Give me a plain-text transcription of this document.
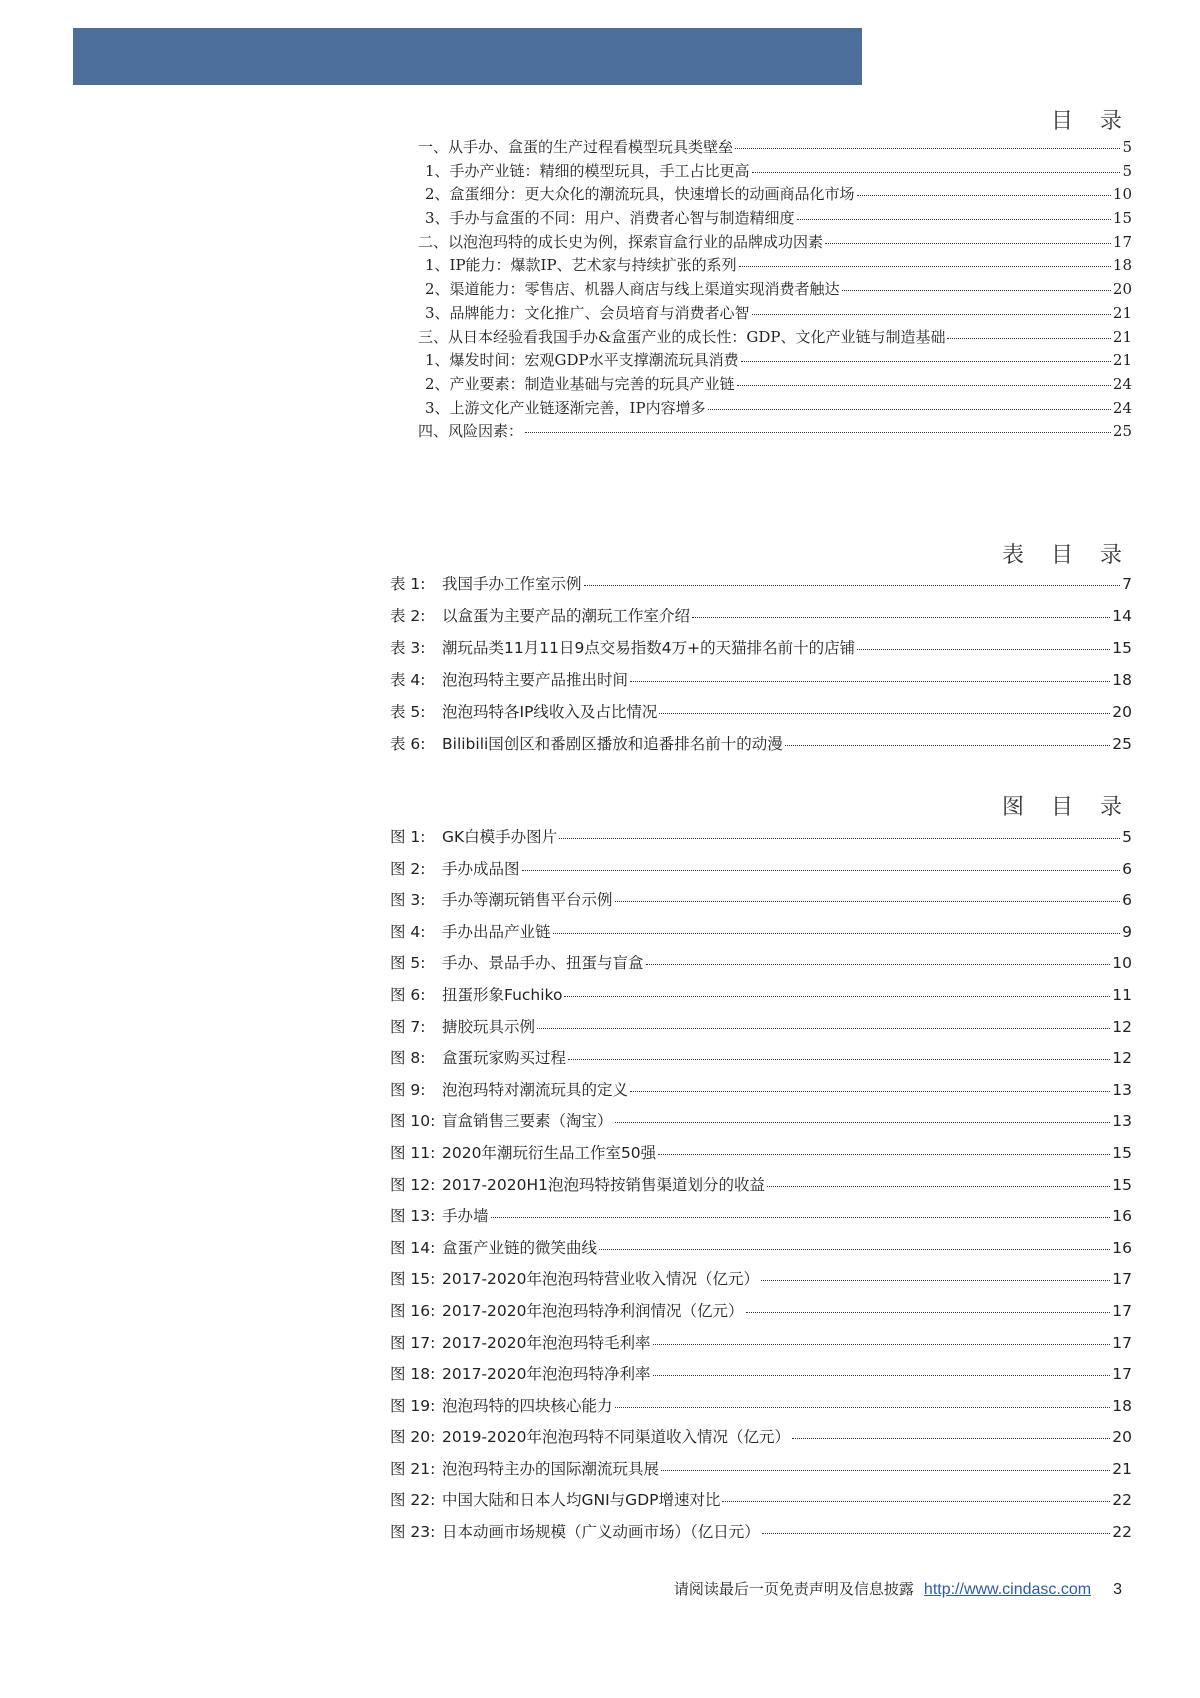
目 录
一、从手办、盒蛋的生产过程看模型玩具类壁垒	5
1、手办产业链：精细的模型玩具，手工占比更高	5
2、盒蛋细分：更大众化的潮流玩具，快速增长的动画商品化市场	10
3、手办与盒蛋的不同：用户、消费者心智与制造精细度	15
二、以泡泡玛特的成长史为例，探索盲盒行业的品牌成功因素	17
1、IP能力：爆款IP、艺术家与持续扩张的系列	18
2、渠道能力：零售店、机器人商店与线上渠道实现消费者触达	20
3、品牌能力：文化推广、会员培育与消费者心智	21
三、从日本经验看我国手办&盒蛋产业的成长性：GDP、文化产业链与制造基础	21
1、爆发时间：宏观GDP水平支撑潮流玩具消费	21
2、产业要素：制造业基础与完善的玩具产业链	24
3、上游文化产业链逐渐完善，IP内容增多	24
四、风险因素：	25
表 目 录
表 1:	我国手办工作室示例	7
表 2:	以盒蛋为主要产品的潮玩工作室介绍	14
表 3:	潮玩品类11月11日9点交易指数4万+的天猫排名前十的店铺	15
表 4:	泡泡玛特主要产品推出时间	18
表 5:	泡泡玛特各IP线收入及占比情况	20
表 6:	Bilibili国创区和番剧区播放和追番排名前十的动漫	25
图 目 录
图 1:	GK白模手办图片	5
图 2:	手办成品图	6
图 3:	手办等潮玩销售平台示例	6
图 4:	手办出品产业链	9
图 5:	手办、景品手办、扭蛋与盲盒	10
图 6:	扭蛋形象Fuchiko	11
图 7:	搪胶玩具示例	12
图 8:	盒蛋玩家购买过程	12
图 9:	泡泡玛特对潮流玩具的定义	13
图 10: 盲盒销售三要素（淘宝）	13
图 11: 2020年潮玩衍生品工作室50强	15
图 12: 2017-2020H1泡泡玛特按销售渠道划分的收益	15
图 13: 手办墙	16
图 14: 盒蛋产业链的微笑曲线	16
图 15: 2017-2020年泡泡玛特营业收入情况（亿元）	17
图 16: 2017-2020年泡泡玛特净利润情况（亿元）	17
图 17: 2017-2020年泡泡玛特毛利率	17
图 18: 2017-2020年泡泡玛特净利率	17
图 19: 泡泡玛特的四块核心能力	18
图 20: 2019-2020年泡泡玛特不同渠道收入情况（亿元）	20
图 21: 泡泡玛特主办的国际潮流玩具展	21
图 22: 中国大陆和日本人均GNI与GDP增速对比	22
图 23: 日本动画市场规模（广义动画市场）（亿日元）	22
请阅读最后一页免责声明及信息披露 http://www.cindasc.com 3
